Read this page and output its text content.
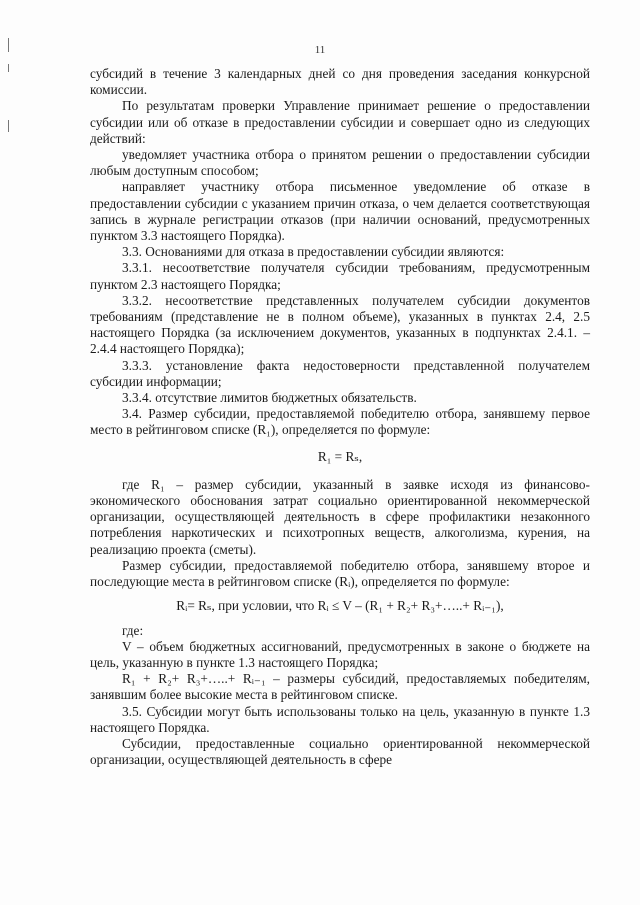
11

субсидий в течение 3 календарных дней со дня проведения заседания конкурсной комиссии.

По результатам проверки Управление принимает решение о предоставлении субсидии или об отказе в предоставлении субсидии и совершает одно из следующих действий:

уведомляет участника отбора о принятом решении о предоставлении субсидии любым доступным способом;

направляет участнику отбора письменное уведомление об отказе в предоставлении субсидии с указанием причин отказа, о чем делается соответствующая запись в журнале регистрации отказов (при наличии оснований, предусмотренных пунктом 3.3 настоящего Порядка).

3.3. Основаниями для отказа в предоставлении субсидии являются:

3.3.1. несоответствие получателя субсидии требованиям, предусмотренным пунктом 2.3 настоящего Порядка;

3.3.2. несоответствие представленных получателем субсидии документов требованиям (представление не в полном объеме), указанных в пунктах 2.4, 2.5 настоящего Порядка (за исключением документов, указанных в подпунктах 2.4.1. – 2.4.4 настоящего Порядка);

3.3.3. установление факта недостоверности представленной получателем субсидии информации;

3.3.4. отсутствие лимитов бюджетных обязательств.

3.4. Размер субсидии, предоставляемой победителю отбора, занявшему первое место в рейтинговом списке (R₁), определяется по формуле:

R₁ = Rₛ,

где R₁ – размер субсидии, указанный в заявке исходя из финансово-экономического обоснования затрат социально ориентированной некоммерческой организации, осуществляющей деятельность в сфере профилактики незаконного потребления наркотических и психотропных веществ, алкоголизма, курения, на реализацию проекта (сметы).

Размер субсидии, предоставляемой победителю отбора, занявшему второе и последующие места в рейтинговом списке (Rᵢ), определяется по формуле:

Rᵢ= Rₛ, при условии, что Rᵢ ≤ V – (R₁ + R₂+ R₃+…..+ Rᵢ₋₁),

где:

V – объем бюджетных ассигнований, предусмотренных в законе о бюджете на цель, указанную в пункте 1.3 настоящего Порядка;

R₁ + R₂+ R₃+…..+ Rᵢ₋₁ – размеры субсидий, предоставляемых победителям, занявшим более высокие места в рейтинговом списке.

3.5. Субсидии могут быть использованы только на цель, указанную в пункте 1.3 настоящего Порядка.

Субсидии, предоставленные социально ориентированной некоммерческой организации, осуществляющей деятельность в сфере
